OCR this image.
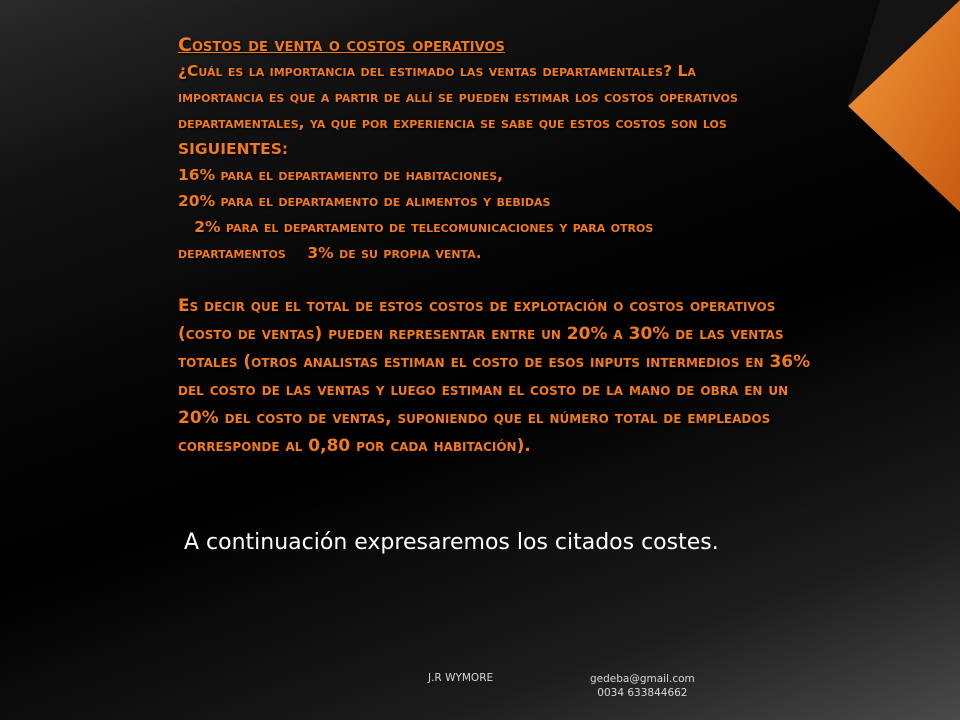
Costos de venta o costos operativos

¿Cuál es la importancia del estimado las ventas departamentales? La

importancia es que a partir de allí se pueden estimar los costos operativos

departamentales, ya que por experiencia se sabe que estos costos son los

SIGUIENTES:

16% para el departamento de habitaciones,

20% para el departamento de alimentos y bebidas

2% para el departamento de telecomunicaciones y para otros

departamentos    3% de su propia venta.

Es decir que el total de estos costos de explotación o costos operativos

(costo de ventas) pueden representar entre un 20% a 30% de las ventas

totales (otros analistas estiman el costo de esos inputs intermedios en 36%

del costo de las ventas y luego estiman el costo de la mano de obra en un

20% del costo de ventas, suponiendo que el número total de empleados

corresponde al 0,80 por cada habitación).

A continuación expresaremos los citados costes.
J.R WYMORE	gedeba@gmail.com
0034 633844662
